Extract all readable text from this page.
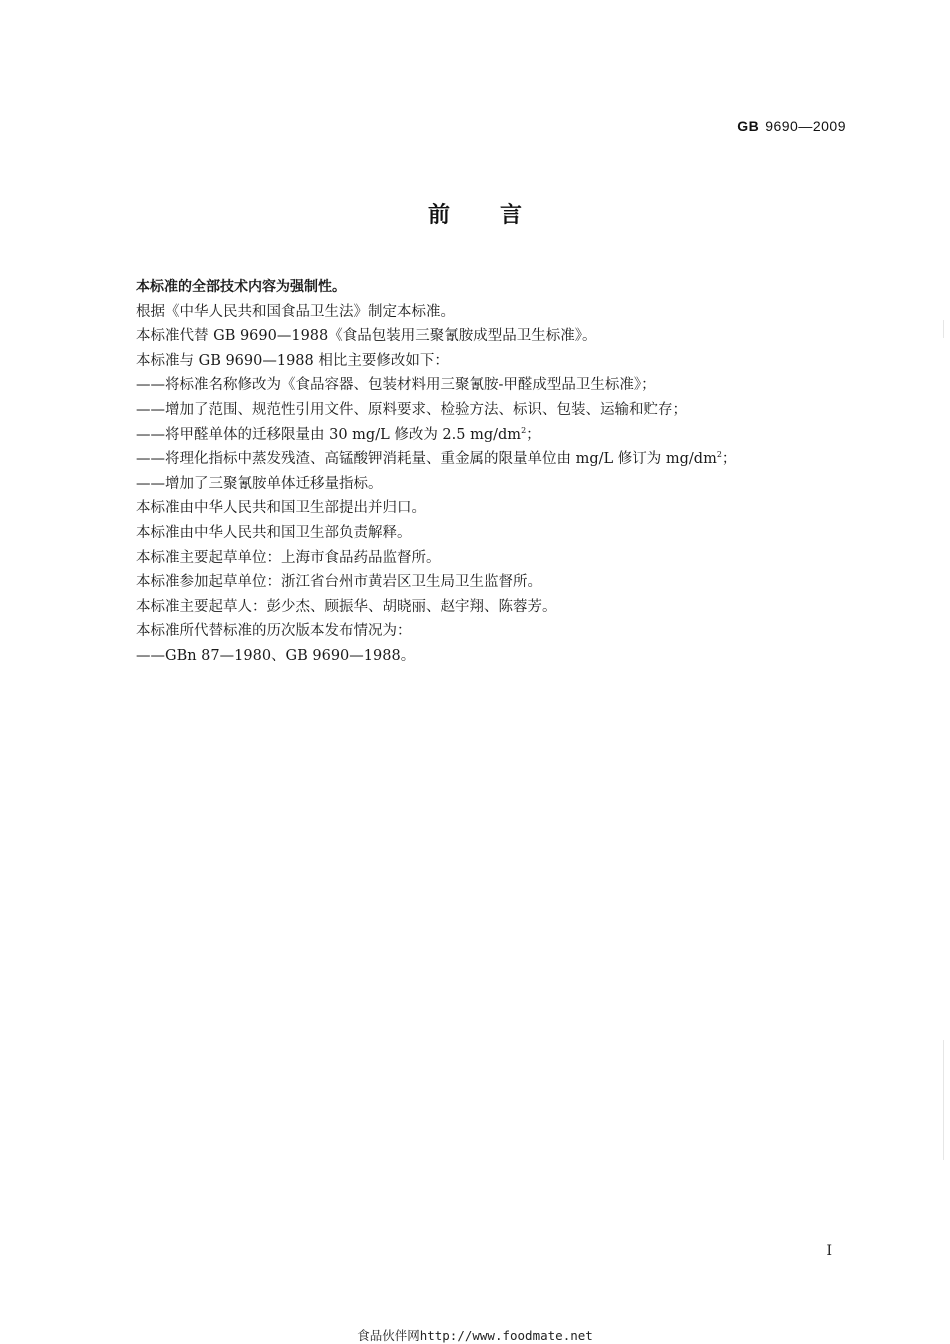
GB 9690—2009
前言
本标准的全部技术内容为强制性。
根据《中华人民共和国食品卫生法》制定本标准。
本标准代替 GB 9690—1988《食品包装用三聚氰胺成型品卫生标准》。
本标准与 GB 9690—1988 相比主要修改如下：
——将标准名称修改为《食品容器、包装材料用三聚氰胺-甲醛成型品卫生标准》；
——增加了范围、规范性引用文件、原料要求、检验方法、标识、包装、运输和贮存；
——将甲醛单体的迁移限量由 30 mg/L 修改为 2.5 $mg/dm^2$；
——将理化指标中蒸发残渣、高锰酸钾消耗量、重金属的限量单位由 mg/L 修订为 $mg/dm^2$；
——增加了三聚氰胺单体迁移量指标。
本标准由中华人民共和国卫生部提出并归口。
本标准由中华人民共和国卫生部负责解释。
本标准主要起草单位：上海市食品药品监督所。
本标准参加起草单位：浙江省台州市黄岩区卫生局卫生监督所。
本标准主要起草人：彭少杰、顾振华、胡晓丽、赵宇翔、陈蓉芳。
本标准所代替标准的历次版本发布情况为：
——GBn 87—1980、GB 9690—1988。
I
食品伙伴网http://www.foodmate.net
